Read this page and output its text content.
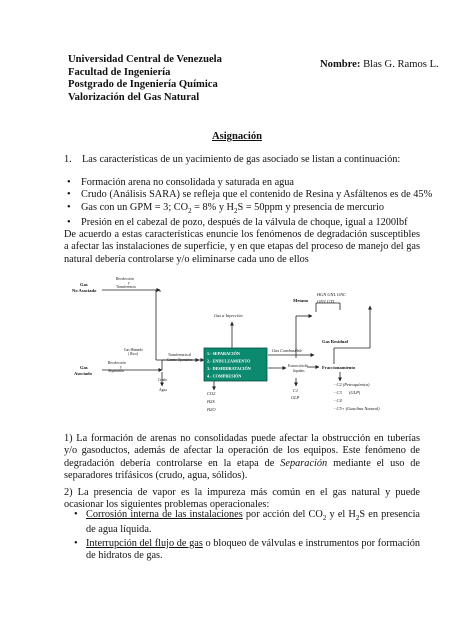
Universidad Central de Venezuela
Facultad de Ingeniería
Postgrado de Ingeniería Química
Valorización del Gas Natural
Nombre: Blas G. Ramos L.
Asignación
1. Las características de un yacimiento de gas asociado se listan a continuación:
• Formación arena no consolidada y saturada en agua
• Crudo (Análisis SARA) se refleja que el contenido de Resina y Asfáltenos es de 45%
• Gas con un GPM = 3; $CO_2 = 8\%$ y $H_2S = 50ppm$ y presencia de mercurio
• Presión en el cabezal de pozo, después de la válvula de choque, igual a 1200lbf
De acuerdo a estas características enuncie los fenómenos de degradación susceptibles a afectar las instalaciones de superficie, y en que etapas del proceso de manejo del gas natural debería controlarse y/o eliminarse cada uno de ellos
1.- SEPARACIÓN
2.- ENDULZAMIENTO
3.- DESHIDRATACIÓN
4.- COMPRESIÓN
Gas
No Asociado
Gas
Asociado
Metano
Gas Residual
Fraccionamiento
Recolección
y
Transferencia
Recolección
y
Separación
Gas Húmedo
( Rico)	Transferencia al
Centro Operativo
Crudo
Agua
Extracción de
líquidos
Gas a Inyección
Gas Combustible
HGN GNL GNC
GNV GTL
CO2
H2S
H2O
C1
GLP
- C2 (Petroquímica)
- C3 (GLP)
- C4
- C5+ (Gasolina Natural)
1) La formación de arenas no consolidadas puede afectar la obstrucción en tuberías y/o gasoductos, además de afectar la operación de los equipos. Este fenómeno de degradación debería controlarse en la etapa de Separación mediante el uso de separadores trifásicos (crudo, agua, sólidos).
2) La presencia de vapor es la impureza más común en el gas natural y puede ocasionar los siguientes problemas operacionales:
• Corrosión interna de las instalaciones por acción del $CO_2$ y el $H_2S$ en presencia de agua líquida.
• Interrupción del flujo de gas o bloqueo de válvulas e instrumentos por formación de hidratos de gas.
